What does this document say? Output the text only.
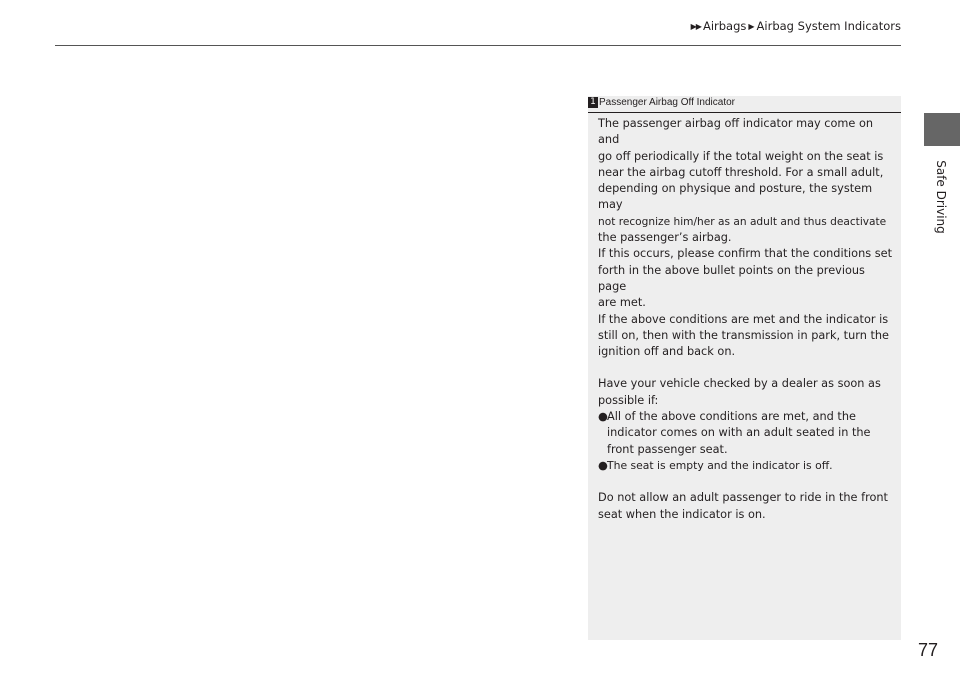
▶▶ Airbags ▶ Airbag System Indicators
Safe Driving
1 Passenger Airbag Off Indicator

The passenger airbag off indicator may come on and

go off periodically if the total weight on the seat is

near the airbag cutoff threshold. For a small adult,

depending on physique and posture, the system may

not recognize him/her as an adult and thus deactivate

the passenger’s airbag.

If this occurs, please confirm that the conditions set

forth in the above bullet points on the previous page

are met.

If the above conditions are met and the indicator is

still on, then with the transmission in park, turn the

ignition off and back on.

Have your vehicle checked by a dealer as soon as

possible if:

● All of the above conditions are met, and the
indicator comes on with an adult seated in the
front passenger seat.
● The seat is empty and the indicator is off.

Do not allow an adult passenger to ride in the front

seat when the indicator is on.

77
